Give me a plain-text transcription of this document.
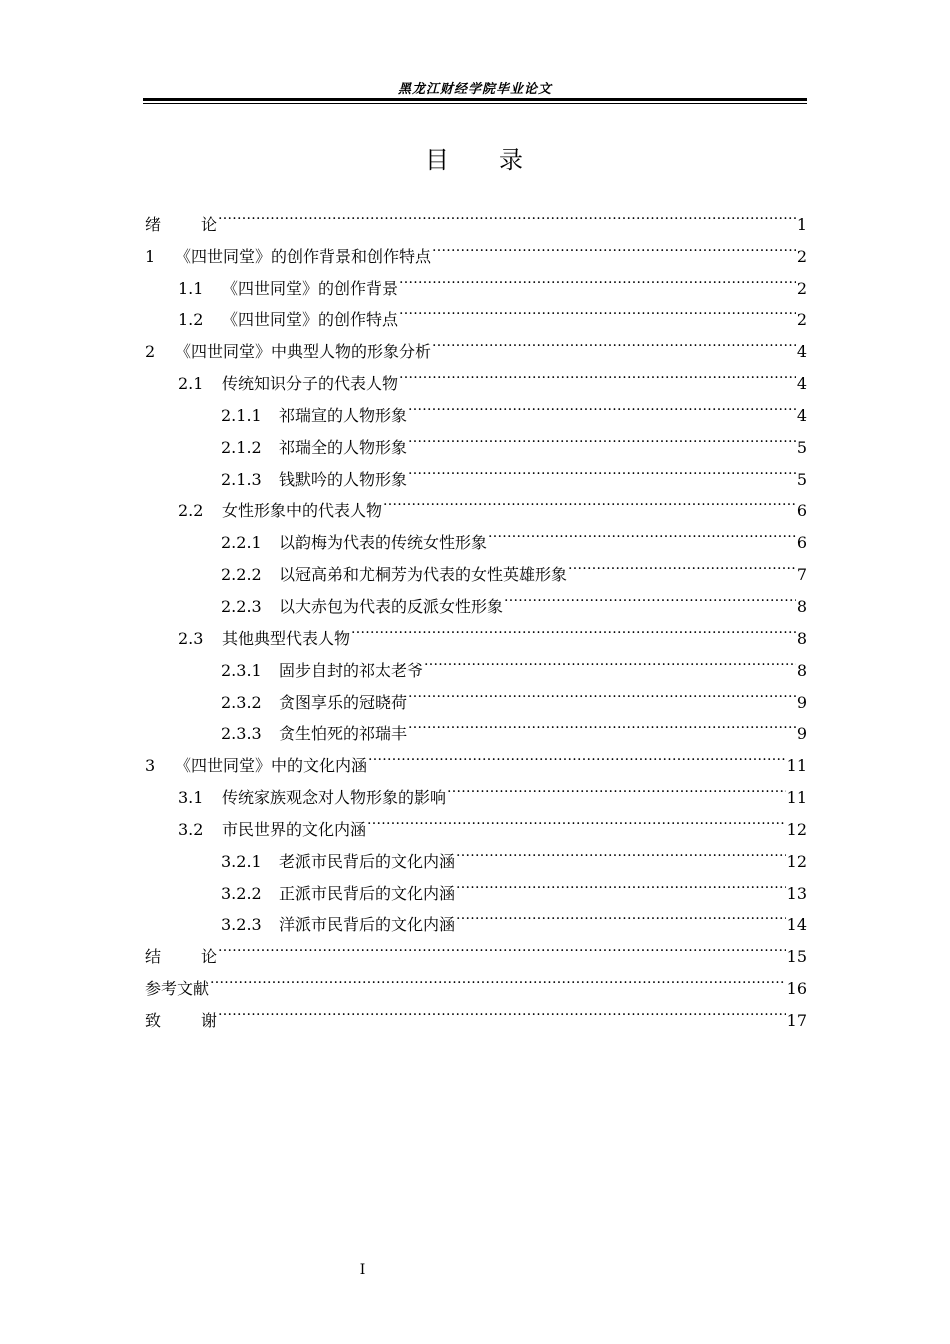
黑龙江财经学院毕业论文
目 录
绪论 .....	1
1	《四世同堂》的创作背景和创作特点 .....	2
1.1	《四世同堂》的创作背景 .....	2
1.2	《四世同堂》的创作特点 .....	2
2	《四世同堂》中典型人物的形象分析 .....	4
2.1	传统知识分子的代表人物 .....	4
2.1.1	祁瑞宣的人物形象 .....	4
2.1.2	祁瑞全的人物形象 .....	5
2.1.3	钱默吟的人物形象 .....	5
2.2	女性形象中的代表人物 .....	6
2.2.1	以韵梅为代表的传统女性形象 .....	6
2.2.2	以冠高弟和尤桐芳为代表的女性英雄形象 .....	7
2.2.3	以大赤包为代表的反派女性形象 .....	8
2.3	其他典型代表人物 .....	8
2.3.1	固步自封的祁太老爷 .....	8
2.3.2	贪图享乐的冠晓荷 .....	9
2.3.3	贪生怕死的祁瑞丰 .....	9
3	《四世同堂》中的文化内涵 .....	11
3.1	传统家族观念对人物形象的影响 .....	11
3.2	市民世界的文化内涵 .....	12
3.2.1	老派市民背后的文化内涵 .....	12
3.2.2	正派市民背后的文化内涵 .....	13
3.2.3	洋派市民背后的文化内涵 .....	14
结论 .....	15
参考文献 .....	16
致谢 .....	17
I
